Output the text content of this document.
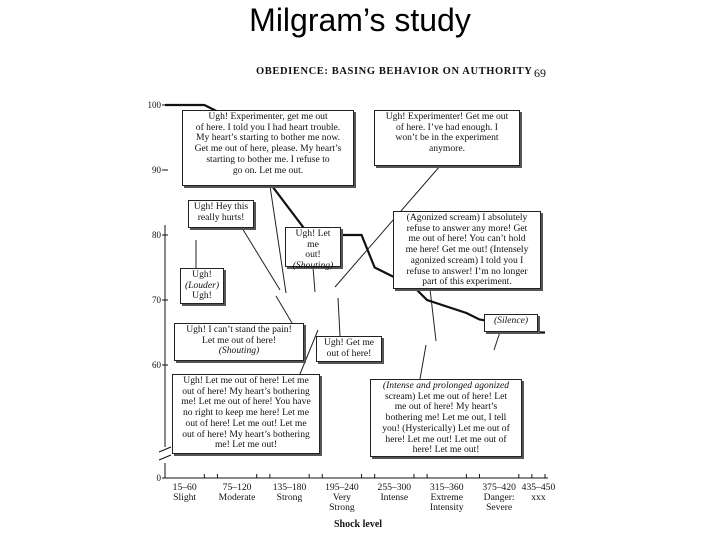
Milgram’s study
OBEDIENCE: BASING BEHAVIOR ON AUTHORITY 69
100
90
80
70
60
0
15–60
Slight
75–120
Moderate
135–180
Strong
195–240
Very
Strong
255–300
Intense
315–360
Extreme
Intensity
375–420
Danger:
Severe
435–450
xxx
Ugh! Experimenter, get me out
of here. I told you I had heart trouble.
My heart’s starting to bother me now.
Get me out of here, please. My heart’s
starting to bother me. I refuse to
go on. Let me out.
Ugh! Experimenter! Get me out
of here. I’ve had enough. I
won’t be in the experiment
anymore.
Ugh! Hey this
really hurts!
Ugh! Let me
out!
(Shouting)
(Agonized scream) I absolutely
refuse to answer any more! Get
me out of here! You can’t hold
me here! Get me out! (Intensely
agonized scream) I told you I
refuse to answer! I’m no longer
part of this experiment.
Ugh!
(Louder)
Ugh!
(Silence)
Ugh! I can’t stand the pain!
Let me out of here!
(Shouting)
Ugh! Get me
out of here!
Ugh! Let me out of here! Let me
out of here! My heart’s bothering
me! Let me out of here! You have
no right to keep me here! Let me
out of here! Let me out! Let me
out of here! My heart’s bothering
me! Let me out!
(Intense and prolonged agonized
scream) Let me out of here! Let
me out of here! My heart’s
bothering me! Let me out, I tell
you! (Hysterically) Let me out of
here! Let me out! Let me out of
here! Let me out!
Shock level
